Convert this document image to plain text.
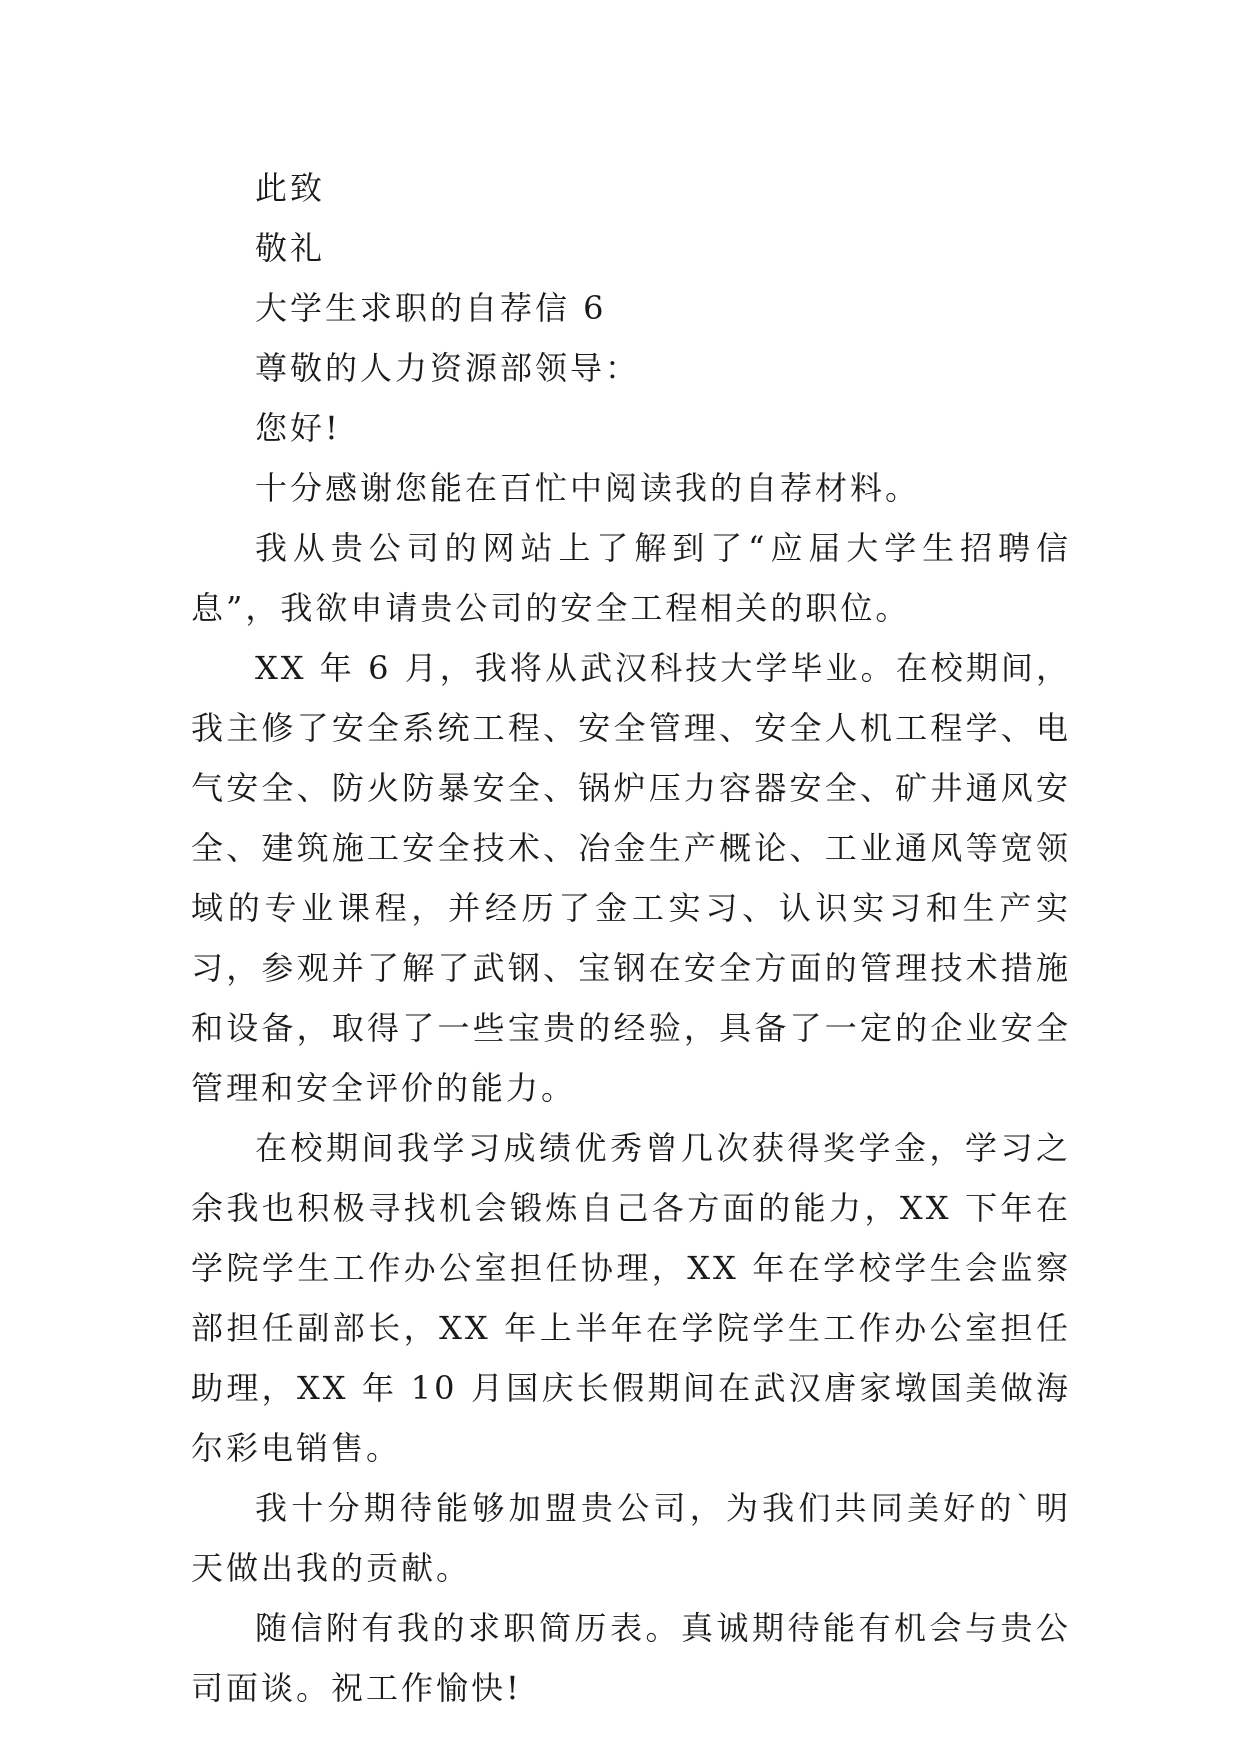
此致

敬礼

大学生求职的自荐信 6

尊敬的人力资源部领导：

您好!

十分感谢您能在百忙中阅读我的自荐材料。

我从贵公司的网站上了解到了“应届大学生招聘信息”，我欲申请贵公司的安全工程相关的职位。

XX 年 6 月，我将从武汉科技大学毕业。在校期间，我主修了安全系统工程、安全管理、安全人机工程学、电气安全、防火防暴安全、锅炉压力容器安全、矿井通风安全、建筑施工安全技术、冶金生产概论、工业通风等宽领域的专业课程，并经历了金工实习、认识实习和生产实习，参观并了解了武钢、宝钢在安全方面的管理技术措施和设备，取得了一些宝贵的经验，具备了一定的企业安全管理和安全评价的能力。

在校期间我学习成绩优秀曾几次获得奖学金，学习之余我也积极寻找机会锻炼自己各方面的能力，XX 下年在学院学生工作办公室担任协理，XX 年在学校学生会监察部担任副部长，XX 年上半年在学院学生工作办公室担任助理，XX 年 10 月国庆长假期间在武汉唐家墩国美做海尔彩电销售。

我十分期待能够加盟贵公司，为我们共同美好的`明天做出我的贡献。

随信附有我的求职简历表。真诚期待能有机会与贵公司面谈。祝工作愉快!
